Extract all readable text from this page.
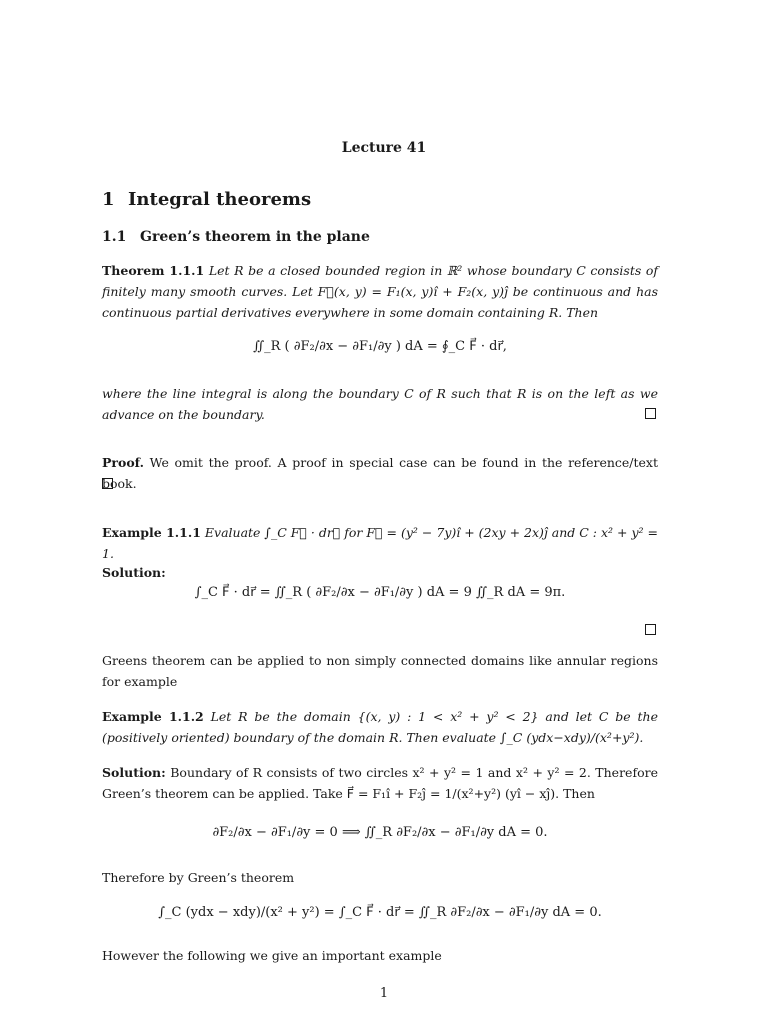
Lecture 41
1 Integral theorems
1.1 Green’s theorem in the plane
Theorem 1.1.1 Let R be a closed bounded region in ℝ² whose boundary C consists of finitely many smooth curves. Let F⃗(x, y) = F₁(x, y)î + F₂(x, y)ĵ be continuous and has continuous partial derivatives everywhere in some domain containing R. Then
∬_R ( ∂F₂/∂x − ∂F₁/∂y ) dA = ∮_C F⃗ · dr⃗,
where the line integral is along the boundary C of R such that R is on the left as we advance on the boundary.
Proof. We omit the proof. A proof in special case can be found in the reference/text book.
Example 1.1.1 Evaluate ∫_C F⃗ · dr⃗ for F⃗ = (y² − 7y)î + (2xy + 2x)ĵ and C : x² + y² = 1.
Solution:
∫_C F⃗ · dr⃗ = ∬_R ( ∂F₂/∂x − ∂F₁/∂y ) dA = 9 ∬_R dA = 9π.
Greens theorem can be applied to non simply connected domains like annular regions for example
Example 1.1.2 Let R be the domain {(x, y) : 1 < x² + y² < 2} and let C be the (positively oriented) boundary of the domain R. Then evaluate ∫_C (ydx−xdy)/(x²+y²).
Solution: Boundary of R consists of two circles x² + y² = 1 and x² + y² = 2. Therefore Green’s theorem can be applied. Take F⃗ = F₁î + F₂ĵ = 1/(x²+y²) (yî − xĵ). Then
∂F₂/∂x − ∂F₁/∂y = 0 ⟹ ∬_R ∂F₂/∂x − ∂F₁/∂y dA = 0.
Therefore by Green’s theorem
∫_C (ydx − xdy)/(x² + y²) = ∫_C F⃗ · dr⃗ = ∬_R ∂F₂/∂x − ∂F₁/∂y dA = 0.
However the following we give an important example
1
